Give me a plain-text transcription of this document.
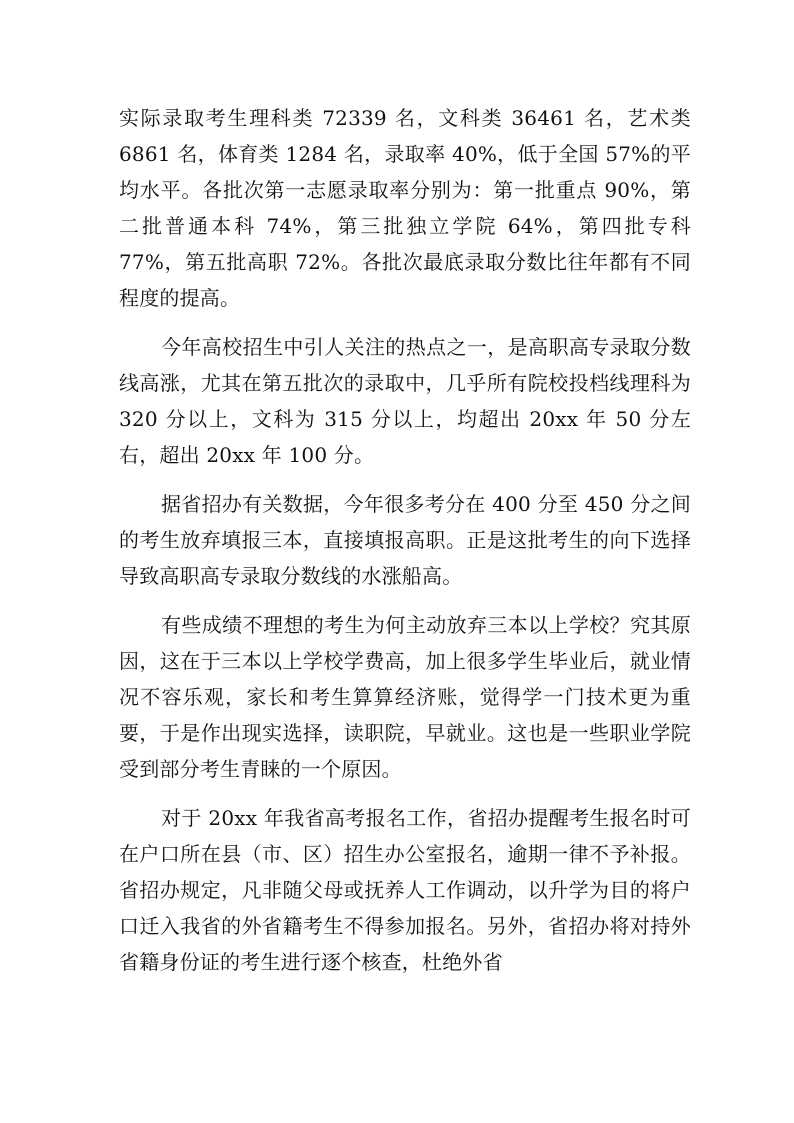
实际录取考生理科类 72339 名，文科类 36461 名，艺术类 6861 名，体育类 1284 名，录取率 40%，低于全国 57%的平均水平。各批次第一志愿录取率分别为：第一批重点 90%，第二批普通本科 74%，第三批独立学院 64%，第四批专科 77%，第五批高职 72%。各批次最底录取分数比往年都有不同程度的提高。

今年高校招生中引人关注的热点之一，是高职高专录取分数线高涨，尤其在第五批次的录取中，几乎所有院校投档线理科为 320 分以上，文科为 315 分以上，均超出 20xx 年 50 分左右，超出 20xx 年 100 分。

据省招办有关数据，今年很多考分在 400 分至 450 分之间的考生放弃填报三本，直接填报高职。正是这批考生的向下选择导致高职高专录取分数线的水涨船高。

有些成绩不理想的考生为何主动放弃三本以上学校？究其原因，这在于三本以上学校学费高，加上很多学生毕业后，就业情况不容乐观，家长和考生算算经济账，觉得学一门技术更为重要，于是作出现实选择，读职院，早就业。这也是一些职业学院受到部分考生青睐的一个原因。

对于 20xx 年我省高考报名工作，省招办提醒考生报名时可在户口所在县（市、区）招生办公室报名，逾期一律不予补报。省招办规定，凡非随父母或抚养人工作调动，以升学为目的将户口迁入我省的外省籍考生不得参加报名。另外，省招办将对持外省籍身份证的考生进行逐个核查，杜绝外省
